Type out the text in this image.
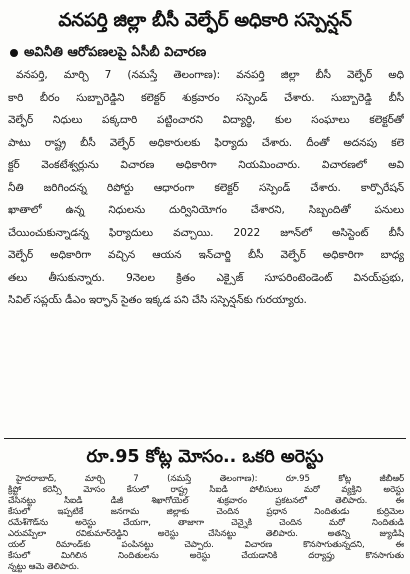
వనపర్తి జిల్లా బీసీ వెల్ఫేర్ అధికారి సస్పెన్షన్
అవినీతి ఆరోపణలపై ఏసీబీ విచారణ
వనపర్తి, మార్చి 7 (నమస్తే తెలంగాణ): వనపర్తి జిల్లా బీసీ వెల్ఫేర్ అధి
కారి బీరం సుబ్బారెడ్డిని కలెక్టర్ శుక్రవారం సస్పెండ్ చేశారు. సుబ్బారెడ్డి బీసీ
వెల్ఫేర్ నిధులు పక్కదారి పట్టించారని విద్యార్థి, కుల సంఘాలు కలెక్టర్‌తో
పాటు రాష్ట్ర బీసీ వెల్ఫేర్ అధికారులకు ఫిర్యాదు చేశారు. దీంతో అదనపు కలె
క్టర్ వెంకటేశ్వర్లును విచారణ అధికారిగా నియమించారు. విచారణలో అవి
నీతి జరిగిందన్న రిపోర్టు ఆధారంగా కలెక్టర్ సస్పెండ్ చేశారు. కార్పొరేషన్
ఖాతాలో ఉన్న నిధులను దుర్వినియోగం చేశారని, సిబ్బందితో పనులు
చేయించుకున్నాడన్న ఫిర్యాదులు వచ్చాయి. 2022 జూన్‌లో అసిస్టెంట్ బీసీ
వెల్ఫేర్ అధికారిగా వచ్చిన ఆయన ఇన్‌చార్జి బీసీ వెల్ఫేర్ అధికారిగా బాధ్య
తలు తీసుకున్నారు. 9నెలల క్రితం ఎక్సైజ్ సూపరింటెండెంట్ వినయ్‌ప్రభు,
సివిల్ సప్లయ్ డీఎం ఇర్ఫాన్ సైతం ఇక్కడ పని చేసి సస్పెన్షన్‌కు గురయ్యారు.
రూ.95 కోట్ల మోసం.. ఒకరి అరెస్టు
హైదరాబాద్, మార్చి 7 (నమస్తే తెలంగాణ): రూ.95 కోట్ల జీబీఆర్
క్రిప్టో కరెన్సీ మోసం కేసులో రాష్ట్ర సీఐడీ పోలీసులు మరో వ్యక్తిని అరెస్టు
చేసినట్టు సీఐడీ డీజీ శిఖాగోయెల్ శుక్రవారం ప్రకటనలో తెలిపారు. ఈ
కేసులో ఇప్పటికే జనగామ జిల్లాకు చెందిన ప్రధాన నిందితుడు కుర్రిమెల
రమేశ్‌గౌడ్‌ను అరెస్టు చేయగా, తాజాగా చెన్నైకి చెందిన మరో నిందితుడి
ఎరువప్పేలా రవికుమార్‌రెడ్డిని అరెస్టు చేసినట్టు తెలిపారు. అతన్ని జ్యుడిషి
యల్ రిమాండ్‌కు పంపినట్టు చెప్పారు. విచారణ కొనసాగుతున్నదని, ఈ
కేసులో మిగిలిన నిందితులను అరెస్టు చేయడానికి దర్యాప్తు కొనసాగుతు
న్నట్టు ఆమె తెలిపారు.
